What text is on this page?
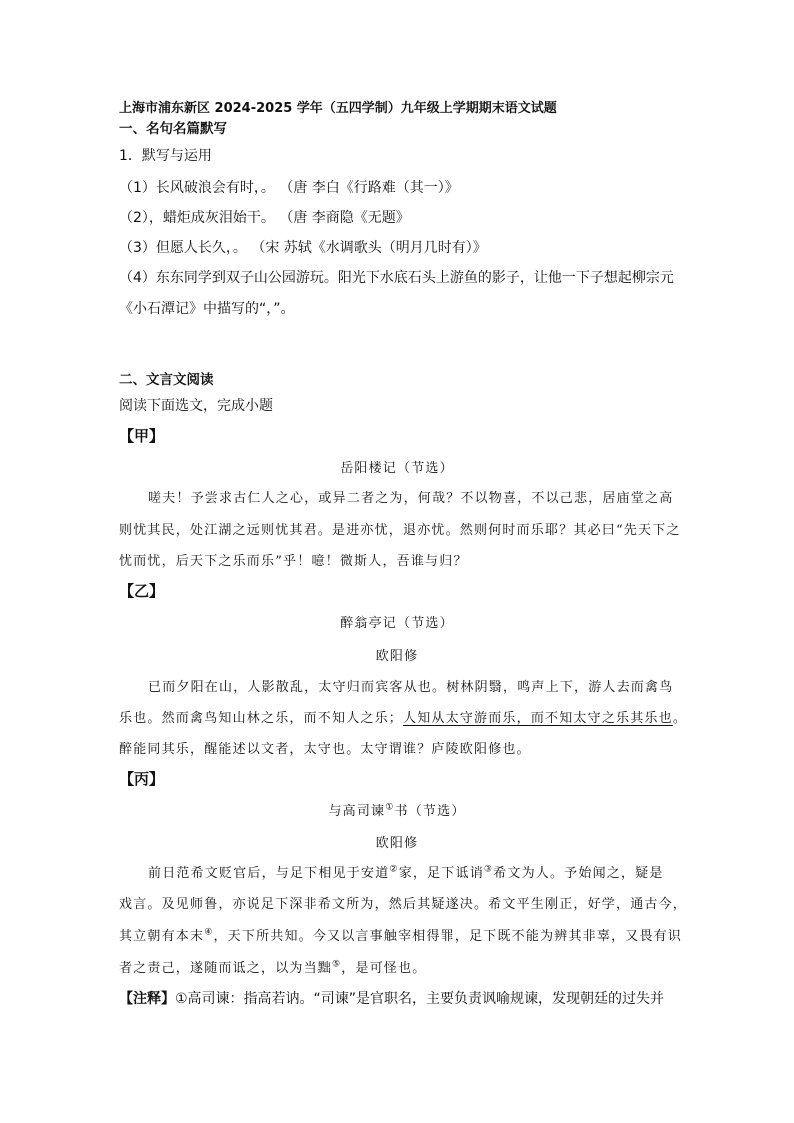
上海市浦东新区 2024-2025 学年（五四学制）九年级上学期期末语文试题
一、名句名篇默写
1．默写与运用
（1）长风破浪会有时，。 （唐 李白《行路难（其一）》
（2），蜡炬成灰泪始干。 （唐 李商隐《无题》
（3）但愿人长久，。 （宋 苏轼《水调歌头（明月几时有）》
（4）东东同学到双子山公园游玩。阳光下水底石头上游鱼的影子，让他一下子想起柳宗元
《小石潭记》中描写的“，”。
二、文言文阅读
阅读下面选文，完成小题
【甲】
岳阳楼记（节选）
嗟夫！予尝求古仁人之心，或异二者之为，何哉？不以物喜，不以己悲，居庙堂之高
则忧其民，处江湖之远则忧其君。是进亦忧，退亦忧。然则何时而乐耶？其必曰“先天下之
忧而忧，后天下之乐而乐”乎！噫！微斯人，吾谁与归？
【乙】
醉翁亭记（节选）
欧阳修
已而夕阳在山，人影散乱，太守归而宾客从也。树林阴翳，鸣声上下，游人去而禽鸟
乐也。然而禽鸟知山林之乐，而不知人之乐；人知从太守游而乐，而不知太守之乐其乐也。
醉能同其乐，醒能述以文者，太守也。太守谓谁？庐陵欧阳修也。
【丙】
与高司谏①书（节选）
欧阳修
前日范希文贬官后，与足下相见于安道②家，足下诋诮③希文为人。予始闻之，疑是
戏言。及见师鲁，亦说足下深非希文所为，然后其疑遂决。希文平生刚正，好学，通古今，
其立朝有本末④，天下所共知。今又以言事触宰相得罪，足下既不能为辨其非辜，又畏有识
者之责己，遂随而诋之，以为当黜⑤，是可怪也。
【注释】①高司谏：指高若讷。“司谏”是官职名，主要负责讽喻规谏，发现朝廷的过失并
